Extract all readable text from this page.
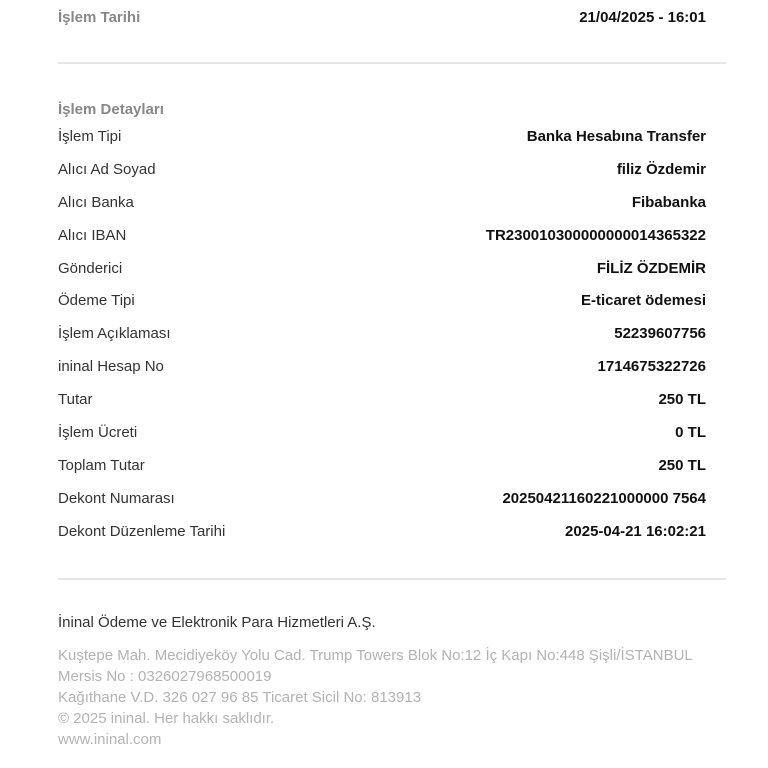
İşlem Tarihi	21/04/2025 - 16:01
İşlem Detayları
İşlem Tipi	Banka Hesabına Transfer
Alıcı Ad Soyad	filiz Özdemir
Alıcı Banka	Fibabanka
Alıcı IBAN	TR230010300000000014365322
Gönderici	FİLİZ ÖZDEMİR
Ödeme Tipi	E-ticaret ödemesi
İşlem Açıklaması	52239607756
ininal Hesap No	1714675322726
Tutar	250 TL
İşlem Ücreti	0 TL
Toplam Tutar	250 TL
Dekont Numarası	20250421160221000000 7564
Dekont Düzenleme Tarihi	2025-04-21 16:02:21
İninal Ödeme ve Elektronik Para Hizmetleri A.Ş.
Kuştepe Mah. Mecidiyeköy Yolu Cad. Trump Towers Blok No:12 İç Kapı No:448 Şişli/İSTANBUL
Mersis No : 0326027968500019
Kağıthane V.D. 326 027 96 85 Ticaret Sicil No: 813913
© 2025 ininal. Her hakkı saklıdır.
www.ininal.com
